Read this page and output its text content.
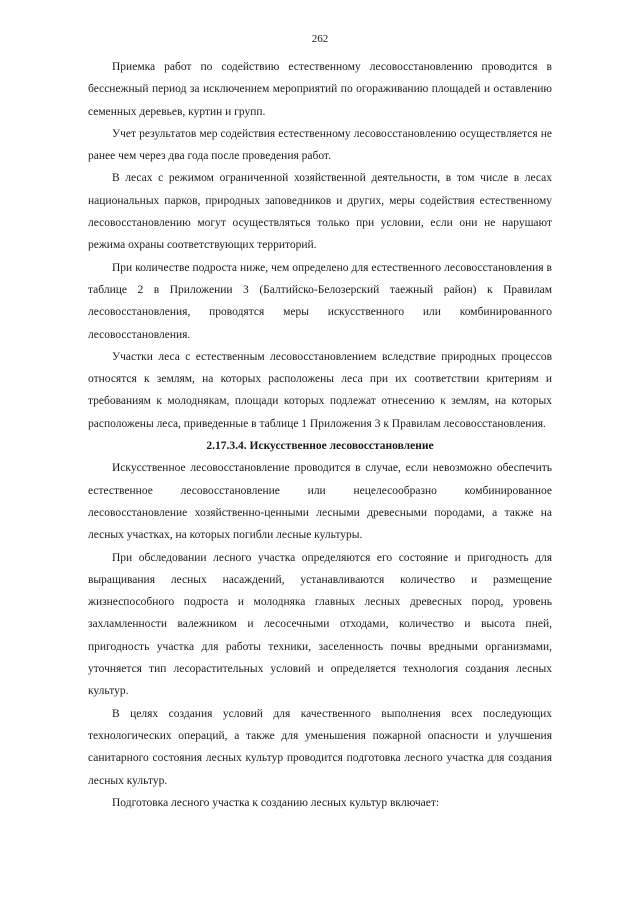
262

Приемка работ по содействию естественному лесовосстановлению проводится в бесснежный период за исключением мероприятий по огораживанию площадей и оставлению семенных деревьев, куртин и групп.

Учет результатов мер содействия естественному лесовосстановлению осуществляется не ранее чем через два года после проведения работ.

В лесах с режимом ограниченной хозяйственной деятельности, в том числе в лесах национальных парков, природных заповедников и других, меры содействия естественному лесовосстановлению могут осуществляться только при условии, если они не нарушают режима охраны соответствующих территорий.

При количестве подроста ниже, чем определено для естественного лесовосстановления в таблице 2 в Приложении 3 (Балтийско-Белозерский таежный район) к Правилам лесовосстановления, проводятся меры искусственного или комбинированного лесовосстановления.

Участки леса с естественным лесовосстановлением вследствие природных процессов относятся к землям, на которых расположены леса при их соответствии критериям и требованиям к молоднякам, площади которых подлежат отнесению к землям, на которых расположены леса, приведенные в таблице 1 Приложения 3 к Правилам лесовосстановления.

2.17.3.4. Искусственное лесовосстановление

Искусственное лесовосстановление проводится в случае, если невозможно обеспечить естественное лесовосстановление или нецелесообразно комбинированное лесовосстановление хозяйственно-ценными лесными древесными породами, а также на лесных участках, на которых погибли лесные культуры.

При обследовании лесного участка определяются его состояние и пригодность для выращивания лесных насаждений, устанавливаются количество и размещение жизнеспособного подроста и молодняка главных лесных древесных пород, уровень захламленности валежником и лесосечными отходами, количество и высота пней, пригодность участка для работы техники, заселенность почвы вредными организмами, уточняется тип лесорастительных условий и определяется технология создания лесных культур.

В целях создания условий для качественного выполнения всех последующих технологических операций, а также для уменьшения пожарной опасности и улучшения санитарного состояния лесных культур проводится подготовка лесного участка для создания лесных культур.

Подготовка лесного участка к созданию лесных культур включает:
